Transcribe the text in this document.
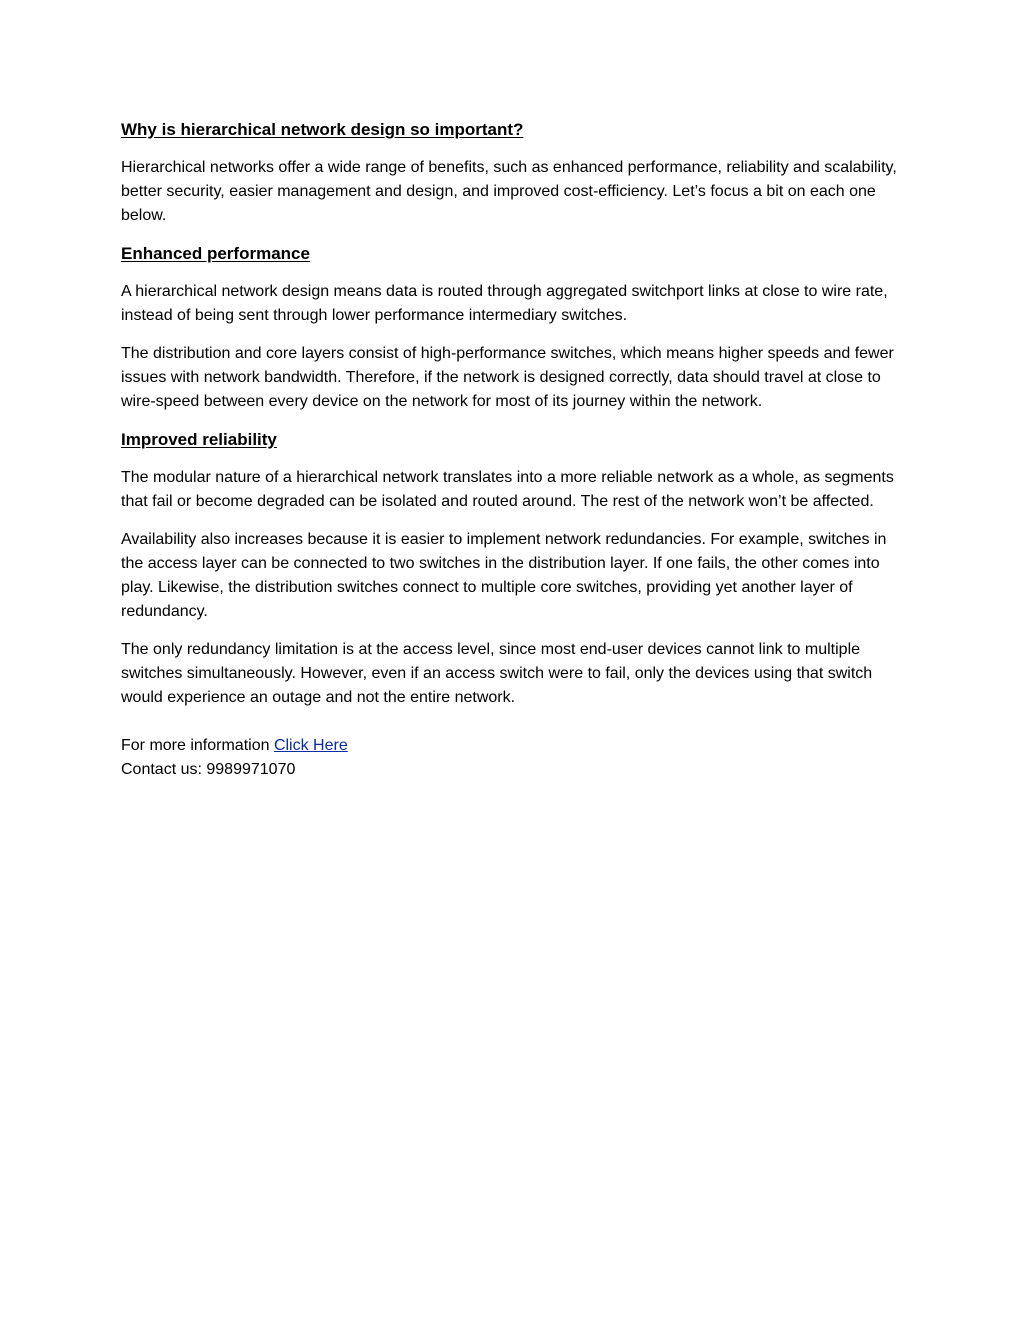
Why is hierarchical network design so important?

Hierarchical networks offer a wide range of benefits, such as enhanced performance, reliability and scalability, better security, easier management and design, and improved cost-efficiency. Let’s focus a bit on each one below.

Enhanced performance

A hierarchical network design means data is routed through aggregated switchport links at close to wire rate, instead of being sent through lower performance intermediary switches.

The distribution and core layers consist of high-performance switches, which means higher speeds and fewer issues with network bandwidth. Therefore, if the network is designed correctly, data should travel at close to wire-speed between every device on the network for most of its journey within the network.

Improved reliability

The modular nature of a hierarchical network translates into a more reliable network as a whole, as segments that fail or become degraded can be isolated and routed around. The rest of the network won’t be affected.

Availability also increases because it is easier to implement network redundancies. For example, switches in the access layer can be connected to two switches in the distribution layer. If one fails, the other comes into play. Likewise, the distribution switches connect to multiple core switches, providing yet another layer of redundancy.

The only redundancy limitation is at the access level, since most end-user devices cannot link to multiple switches simultaneously. However, even if an access switch were to fail, only the devices using that switch would experience an outage and not the entire network.

For more information Click Here
Contact us: 9989971070
